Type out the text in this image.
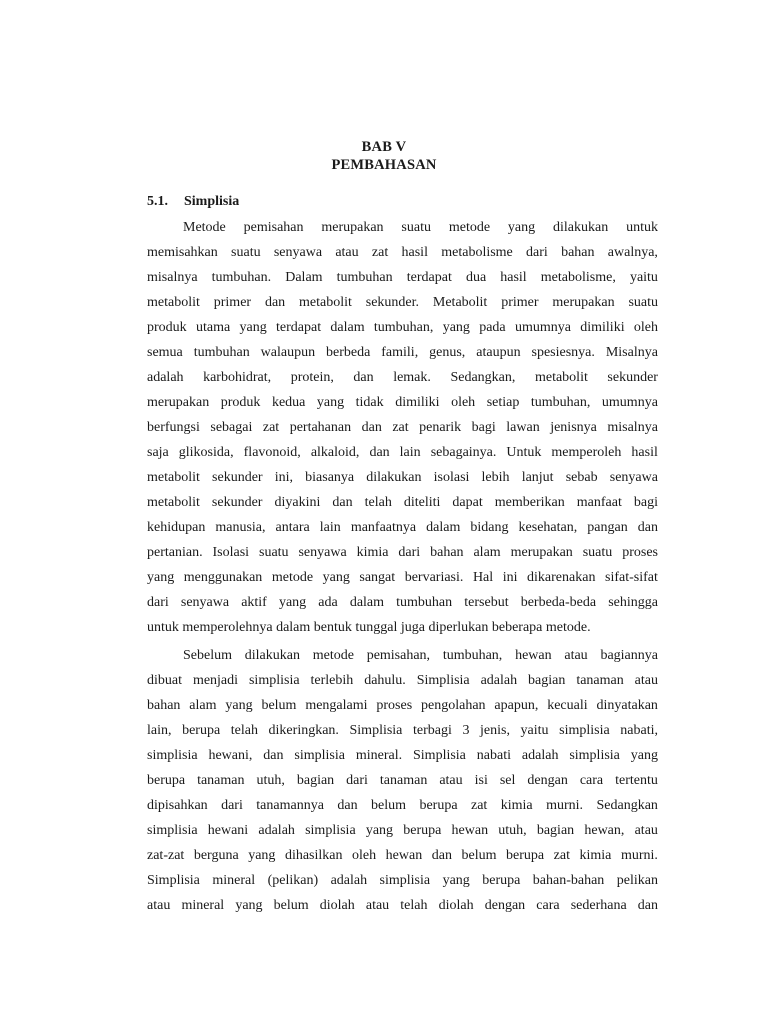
BAB V
PEMBAHASAN
5.1. Simplisia
Metode pemisahan merupakan suatu metode yang dilakukan untuk
memisahkan suatu senyawa atau zat hasil metabolisme dari bahan awalnya,
misalnya tumbuhan. Dalam tumbuhan terdapat dua hasil metabolisme, yaitu
metabolit primer dan metabolit sekunder. Metabolit primer merupakan suatu
produk utama yang terdapat dalam tumbuhan, yang pada umumnya dimiliki oleh
semua tumbuhan walaupun berbeda famili, genus, ataupun spesiesnya. Misalnya
adalah karbohidrat, protein, dan lemak. Sedangkan, metabolit sekunder
merupakan produk kedua yang tidak dimiliki oleh setiap tumbuhan, umumnya
berfungsi sebagai zat pertahanan dan zat penarik bagi lawan jenisnya misalnya
saja glikosida, flavonoid, alkaloid, dan lain sebagainya. Untuk memperoleh hasil
metabolit sekunder ini, biasanya dilakukan isolasi lebih lanjut sebab senyawa
metabolit sekunder diyakini dan telah diteliti dapat memberikan manfaat bagi
kehidupan manusia, antara lain manfaatnya dalam bidang kesehatan, pangan dan
pertanian. Isolasi suatu senyawa kimia dari bahan alam merupakan suatu proses
yang menggunakan metode yang sangat bervariasi. Hal ini dikarenakan sifat-sifat
dari senyawa aktif yang ada dalam tumbuhan tersebut berbeda-beda sehingga
untuk memperolehnya dalam bentuk tunggal juga diperlukan beberapa metode.
Sebelum dilakukan metode pemisahan, tumbuhan, hewan atau bagiannya
dibuat menjadi simplisia terlebih dahulu. Simplisia adalah bagian tanaman atau
bahan alam yang belum mengalami proses pengolahan apapun, kecuali dinyatakan
lain, berupa telah dikeringkan. Simplisia terbagi 3 jenis, yaitu simplisia nabati,
simplisia hewani, dan simplisia mineral. Simplisia nabati adalah simplisia yang
berupa tanaman utuh, bagian dari tanaman atau isi sel dengan cara tertentu
dipisahkan dari tanamannya dan belum berupa zat kimia murni. Sedangkan
simplisia hewani adalah simplisia yang berupa hewan utuh, bagian hewan, atau
zat-zat berguna yang dihasilkan oleh hewan dan belum berupa zat kimia murni.
Simplisia mineral (pelikan) adalah simplisia yang berupa bahan-bahan pelikan
atau mineral yang belum diolah atau telah diolah dengan cara sederhana dan
